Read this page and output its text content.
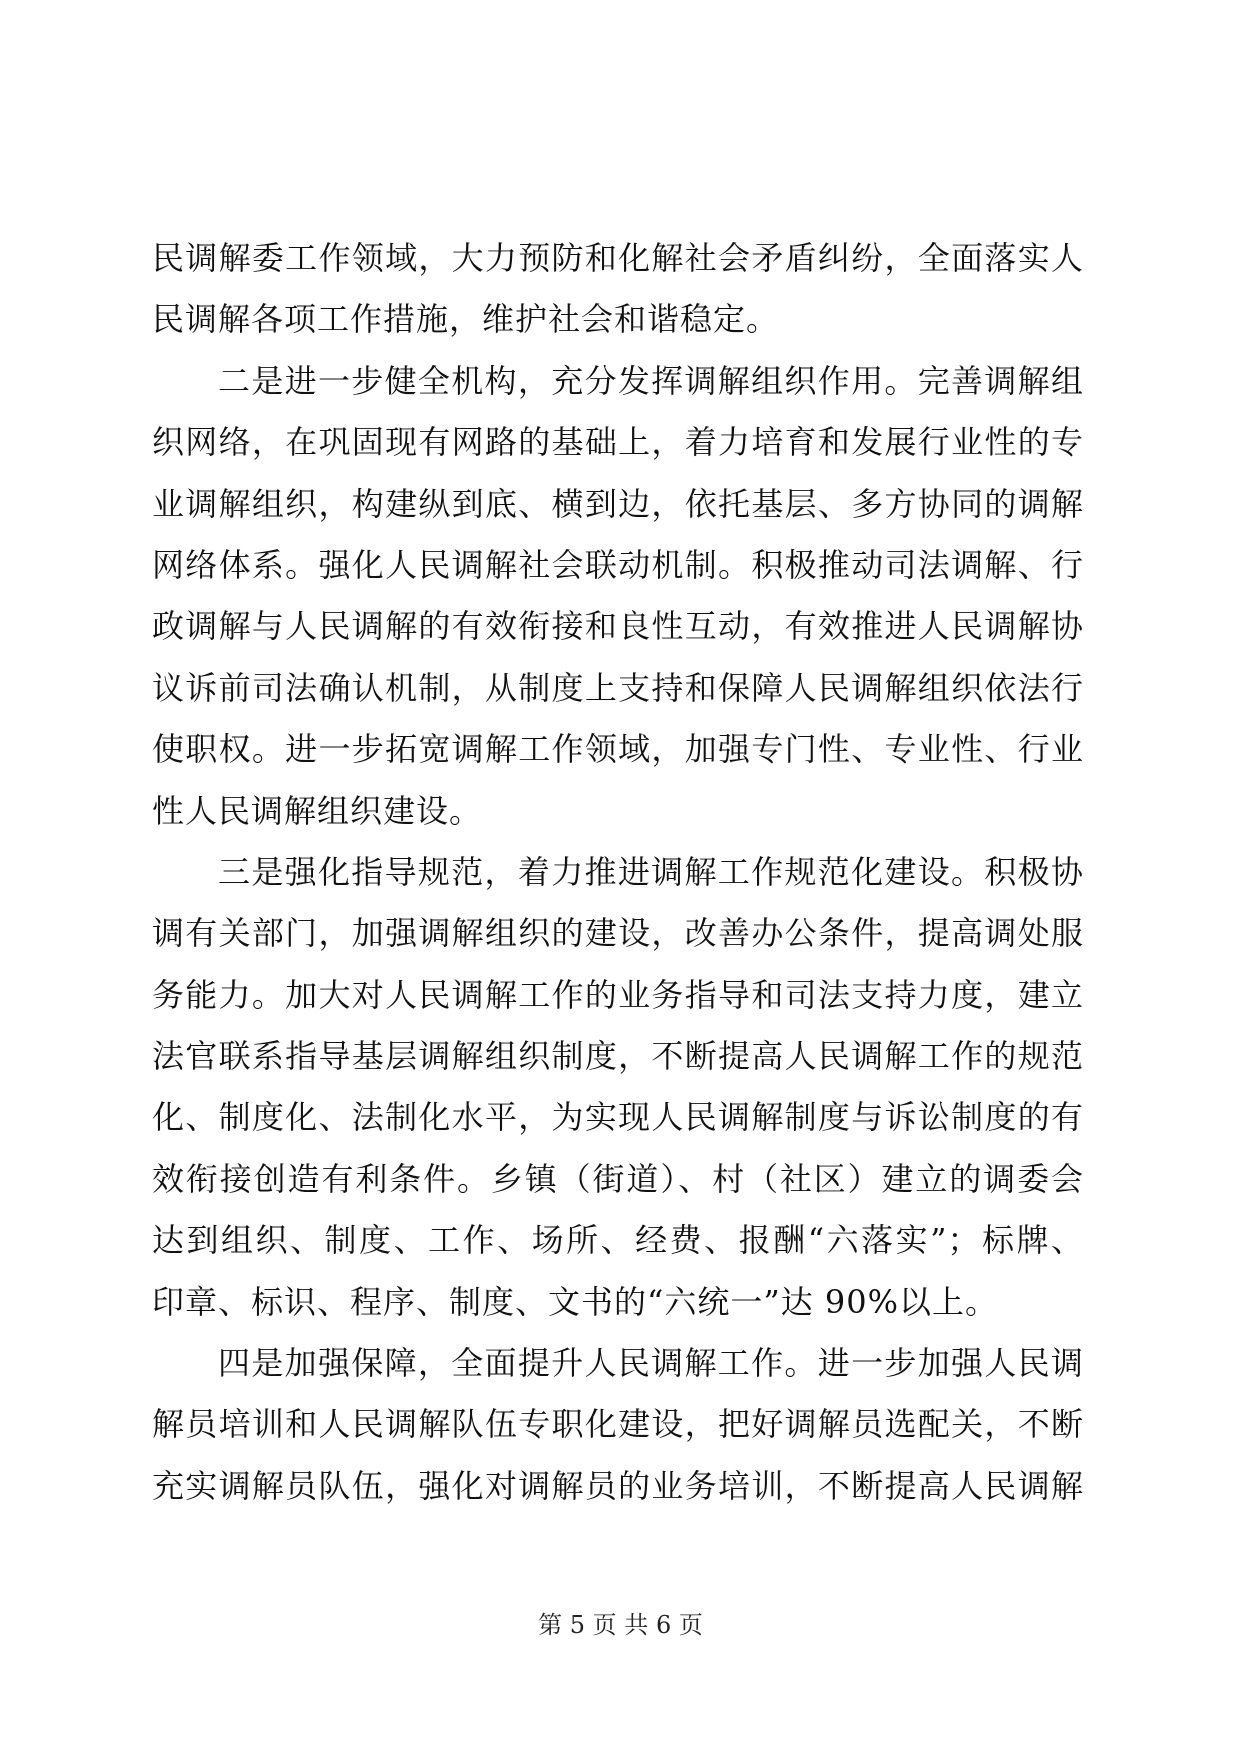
民调解委工作领域，大力预防和化解社会矛盾纠纷，全面落实人
民调解各项工作措施，维护社会和谐稳定。
二是进一步健全机构，充分发挥调解组织作用。完善调解组
织网络，在巩固现有网路的基础上，着力培育和发展行业性的专
业调解组织，构建纵到底、横到边，依托基层、多方协同的调解
网络体系。强化人民调解社会联动机制。积极推动司法调解、行
政调解与人民调解的有效衔接和良性互动，有效推进人民调解协
议诉前司法确认机制，从制度上支持和保障人民调解组织依法行
使职权。进一步拓宽调解工作领域，加强专门性、专业性、行业
性人民调解组织建设。
三是强化指导规范，着力推进调解工作规范化建设。积极协
调有关部门，加强调解组织的建设，改善办公条件，提高调处服
务能力。加大对人民调解工作的业务指导和司法支持力度，建立
法官联系指导基层调解组织制度，不断提高人民调解工作的规范
化、制度化、法制化水平，为实现人民调解制度与诉讼制度的有
效衔接创造有利条件。乡镇（街道）、村（社区）建立的调委会
达到组织、制度、工作、场所、经费、报酬“六落实”；标牌、
印章、标识、程序、制度、文书的“六统一”达 90%以上。
四是加强保障，全面提升人民调解工作。进一步加强人民调
解员培训和人民调解队伍专职化建设，把好调解员选配关，不断
充实调解员队伍，强化对调解员的业务培训，不断提高人民调解
第 5 页 共 6 页
